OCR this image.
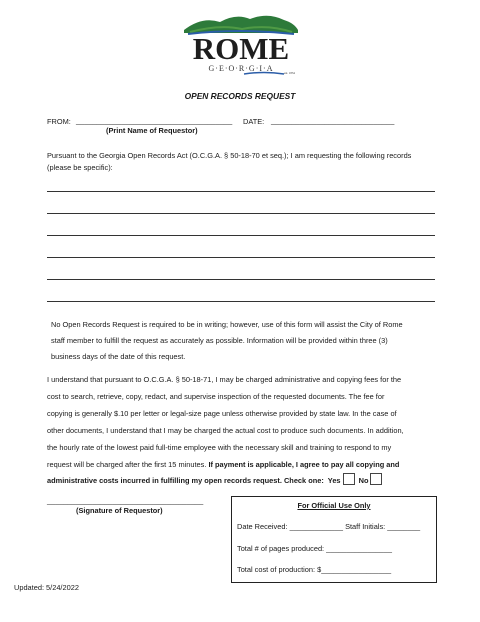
ROME
G·E·O·R·G·I·A	est. 1834
OPEN RECORDS REQUEST
FROM: ______________________________________ DATE: ______________________________
(Print Name of Requestor)
Pursuant to the Georgia Open Records Act (O.C.G.A. § 50-18-70 et seq.); I am requesting the following records
(please be specific):
No Open Records Request is required to be in writing; however, use of this form will assist the City of Rome
staff member to fulfill the request as accurately as possible. Information will be provided within three (3)
business days of the date of this request.
I understand that pursuant to O.C.G.A. § 50-18-71, I may be charged administrative and copying fees for the
cost to search, retrieve, copy, redact, and supervise inspection of the requested documents. The fee for
copying is generally $.10 per letter or legal-size page unless otherwise provided by state law. In the case of
other documents, I understand that I may be charged the actual cost to produce such documents. In addition,
the hourly rate of the lowest paid full-time employee with the necessary skill and training to respond to my
request will be charged after the first 15 minutes. If payment is applicable, I agree to pay all copying and
administrative costs incurred in fulfilling my open records request. Check one: Yes No
______________________________________
(Signature of Requestor)
For Official Use Only
Date Received: _____________ Staff Initials: ________
Total # of pages produced: ________________
Total cost of production: $_________________
Updated: 5/24/2022
